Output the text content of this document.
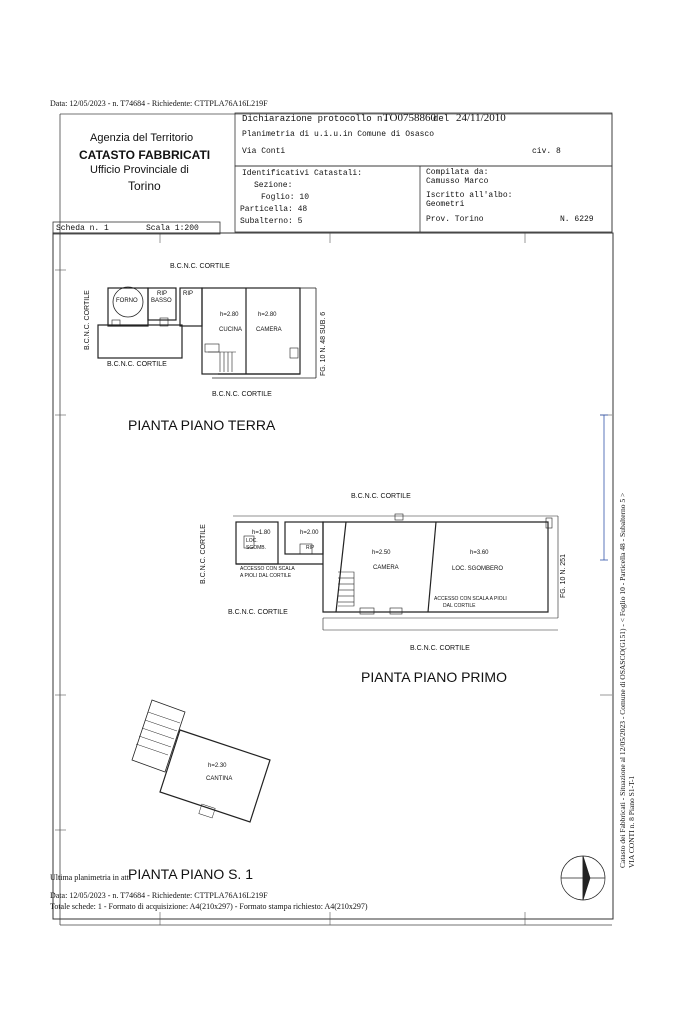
Data: 12/05/2023 - n. T74684 - Richiedente: CTTPLA76A16L219F
Agenzia del Territorio
CATASTO FABBRICATI
Ufficio Provinciale di
Torino
Dichiarazione protocollo n.
TO0758860
del 24/11/2010
Planimetria di u.i.u.in Comune di Osasco
Via Conti	civ. 8
Identificativi Catastali:
Sezione:
Foglio: 10
Particella: 48
Subalterno: 5
Compilata da:
Camusso Marco
Iscritto all'albo:
Geometri
Prov. Torino	N. 6229
Scheda n. 1	Scala 1:200
B.C.N.C. CORTILE
B.C.N.C. CORTILE
B.C.N.C. CORTILE
B.C.N.C. CORTILE
FG. 10 N. 48 SUB. 6
FORNO
RIP
BASSO
RIP
h=2.80
CUCINA
h=2.80
CAMERA
PIANTA PIANO TERRA
B.C.N.C. CORTILE
B.C.N.C. CORTILE
B.C.N.C. CORTILE
B.C.N.C. CORTILE
FG. 10 N. 251
h=1.80
LOC.
SGOMB.
h=2.00
RIP
ACCESSO CON SCALA
A PIOLI DAL CORTILE
h=2.50
CAMERA
h=3.60
LOC. SGOMBERO
ACCESSO CON SCALA A PIOLI
DAL CORTILE
PIANTA PIANO PRIMO
h=2.30
CANTINA
PIANTA PIANO S. 1
Ultima planimetria in atti
Data: 12/05/2023 - n. T74684 - Richiedente: CTTPLA76A16L219F
Totale schede: 1 - Formato di acquisizione: A4(210x297) - Formato stampa richiesto: A4(210x297)
Catasto dei Fabbricati - Situazione al 12/05/2023 - Comune di OSASCO(G151) - < Foglio 10 - Particella 48 - Subalterno 5 > VIA CONTI n. 8 Piano S1-T-1
